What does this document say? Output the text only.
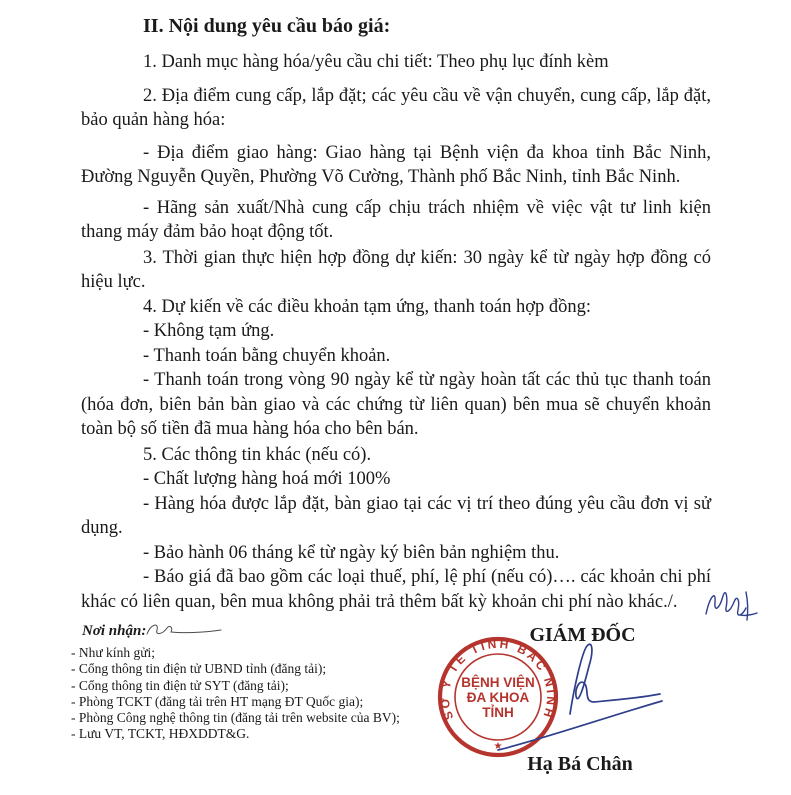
II. Nội dung yêu cầu báo giá:

1. Danh mục hàng hóa/yêu cầu chi tiết: Theo phụ lục đính kèm

2. Địa điểm cung cấp, lắp đặt; các yêu cầu về vận chuyển, cung cấp, lắp đặt, bảo quản hàng hóa:

- Địa điểm giao hàng: Giao hàng tại Bệnh viện đa khoa tỉnh Bắc Ninh, Đường Nguyễn Quyền, Phường Võ Cường, Thành phố Bắc Ninh, tỉnh Bắc Ninh.

- Hãng sản xuất/Nhà cung cấp chịu trách nhiệm về việc vật tư linh kiện thang máy đảm bảo hoạt động tốt.

3. Thời gian thực hiện hợp đồng dự kiến: 30 ngày kể từ ngày hợp đồng có hiệu lực.

4. Dự kiến về các điều khoản tạm ứng, thanh toán hợp đồng:

- Không tạm ứng.

- Thanh toán bằng chuyển khoản.

- Thanh toán trong vòng 90 ngày kể từ ngày hoàn tất các thủ tục thanh toán (hóa đơn, biên bản bàn giao và các chứng từ liên quan) bên mua sẽ chuyển khoản toàn bộ số tiền đã mua hàng hóa cho bên bán.

5. Các thông tin khác (nếu có).

- Chất lượng hàng hoá mới 100%

- Hàng hóa được lắp đặt, bàn giao tại các vị trí theo đúng yêu cầu đơn vị sử dụng.

- Bảo hành 06 tháng kể từ ngày ký biên bản nghiệm thu.

- Báo giá đã bao gồm các loại thuế, phí, lệ phí (nếu có)…. các khoản chi phí khác có liên quan, bên mua không phải trả thêm bất kỳ khoản chi phí nào khác./.

Nơi nhận:
- Như kính gửi;
- Cổng thông tin điện tử UBND tỉnh (đăng tải);
- Cổng thông tin điện tử SYT (đăng tải);
- Phòng TCKT (đăng tải trên HT mạng ĐT Quốc gia);
- Phòng Công nghệ thông tin (đăng tải trên website của BV);
- Lưu VT, TCKT, HĐXDDT&G.
GIÁM ĐỐC
SỞ Y TẾ TỈNH BẮC NINH
BỆNH VIỆN
ĐA KHOA
TỈNH
★
Hạ Bá Chân
